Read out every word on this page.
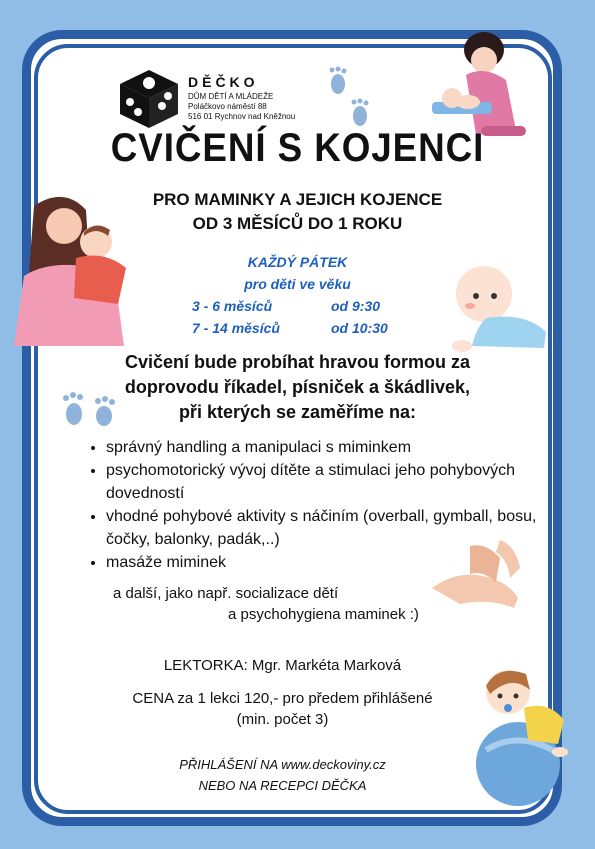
DĚČKO
DŮM DĚTÍ A MLÁDEŽE
Poláčkovo náměstí 88
516 01 Rychnov nad Kněžnou
CVIČENÍ S KOJENCI
PRO MAMINKY A JEJICH KOJENCE
OD 3 MĚSÍCŮ DO 1 ROKU
KAŽDÝ PÁTEK
pro děti ve věku
3 - 6 měsíců	od 9:30
7 - 14 měsíců	od 10:30
Cvičení bude probíhat hravou formou za
doprovodu říkadel, písniček a škádlivek,
při kterých se zaměříme na:
• správný handling a manipulaci s miminkem
• psychomotorický vývoj dítěte a stimulaci jeho pohybových dovedností
• vhodné pohybové aktivity s náčiním (overball, gymball, bosu, čočky, balonky, padák,..)
• masáže miminek
a další, jako např. socializace dětí
a psychohygiena maminek :)
LEKTORKA: Mgr. Markéta Marková
CENA za 1 lekci 120,- pro předem přihlášené
(min. počet 3)
PŘIHLÁŠENÍ NA www.deckoviny.cz
NEBO NA RECEPCI DĚČKA
